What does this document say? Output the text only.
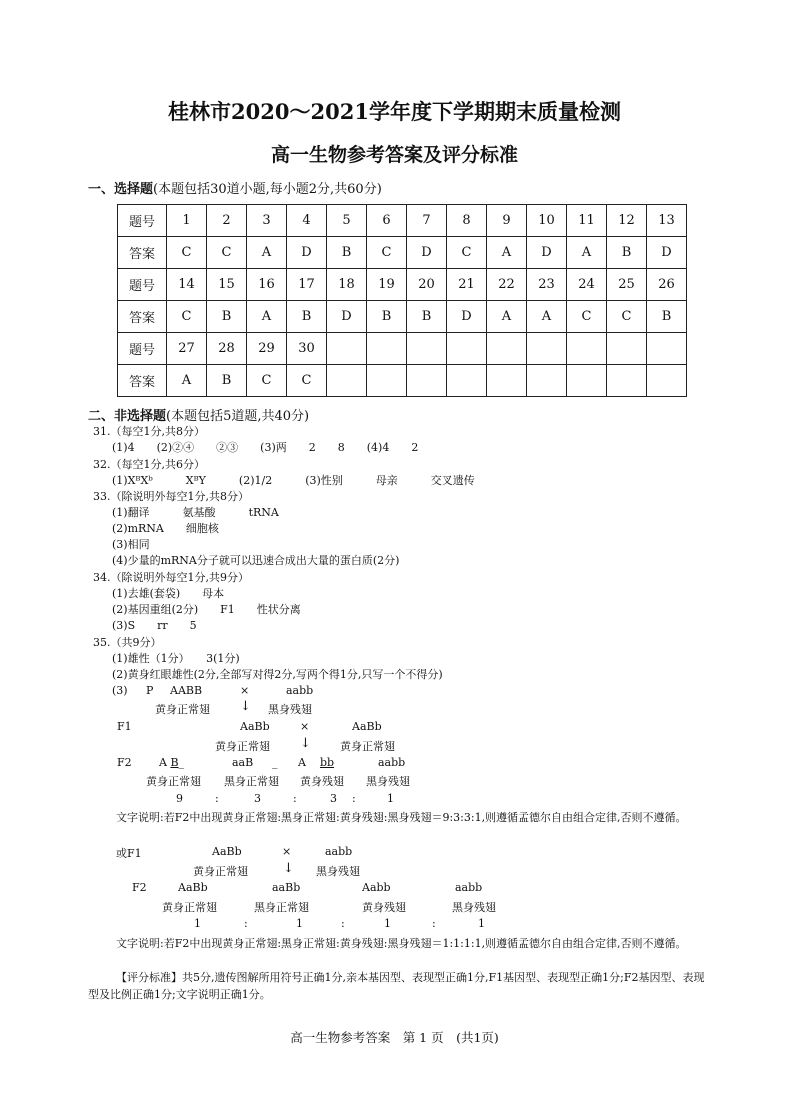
桂林市2020～2021学年度下学期期末质量检测
高一生物参考答案及评分标准
一、选择题(本题包括30道小题,每小题2分,共60分)
题号	1	2	3	4	5	6	7	8	9	10	11	12	13
答案	C	C	A	D	B	C	D	C	A	D	A	B	D
题号	14	15	16	17	18	19	20	21	22	23	24	25	26
答案	C	B	A	B	D	B	B	D	A	A	C	C	B
题号	27	28	29	30									
答案	A	B	C	C									
二、非选择题(本题包括5道题,共40分)
31.（每空1分,共8分）
(1)4　　(2)②④　　②③　　(3)两　　2　　8　　(4)4　　2
32.（每空1分,共6分）
(1)XᴮXᵇ　　　XᴮY　　　(2)1/2　　　(3)性别　　　母亲　　　交叉遗传
33.（除说明外每空1分,共8分）
(1)翻译　　　氨基酸　　　tRNA
(2)mRNA　　细胞核
(3)相同
(4)少量的mRNA分子就可以迅速合成出大量的蛋白质(2分)
34.（除说明外每空1分,共9分）
(1)去雄(套袋)　　母本
(2)基因重组(2分)　　F1　　性状分离
(3)S　　rr　　5
35.（共9分）
(1)雄性（1分）　　3(1分)
(2)黄身红眼雄性(2分,全部写对得2分,写两个得1分,只写一个不得分)
(3) P AABB	×	aabb
黄身正常翅 ↓ 黑身残翅
F1	AaBb	×	AaBb
黄身正常翅 ↓	黄身正常翅
F2 A B_	aaB _ A bb	aabb
黄身正常翅 黑身正常翅 黄身残翅 黑身残翅
9	:	3	:	3 :	1
文字说明:若F2中出现黄身正常翅:黑身正常翅:黄身残翅:黑身残翅＝9:3:3:1,则遵循孟德尔自由组合定律,否则不遵循。
或F1	AaBb	×	aabb
黄身正常翅	↓ 黑身残翅
F2	AaBb	aaBb	Aabb	aabb
黄身正常翅	黑身正常翅	黄身残翅	黑身残翅
1	:	1	:	1	:	1
文字说明:若F2中出现黄身正常翅:黑身正常翅:黄身残翅:黑身残翅＝1:1:1:1,则遵循孟德尔自由组合定律,否则不遵循。
【评分标准】共5分,遗传图解所用符号正确1分,亲本基因型、表现型正确1分,F1基因型、表现型正确1分;F2基因型、表现型及比例正确1分;文字说明正确1分。
高一生物参考答案　第 1 页　(共1页)
